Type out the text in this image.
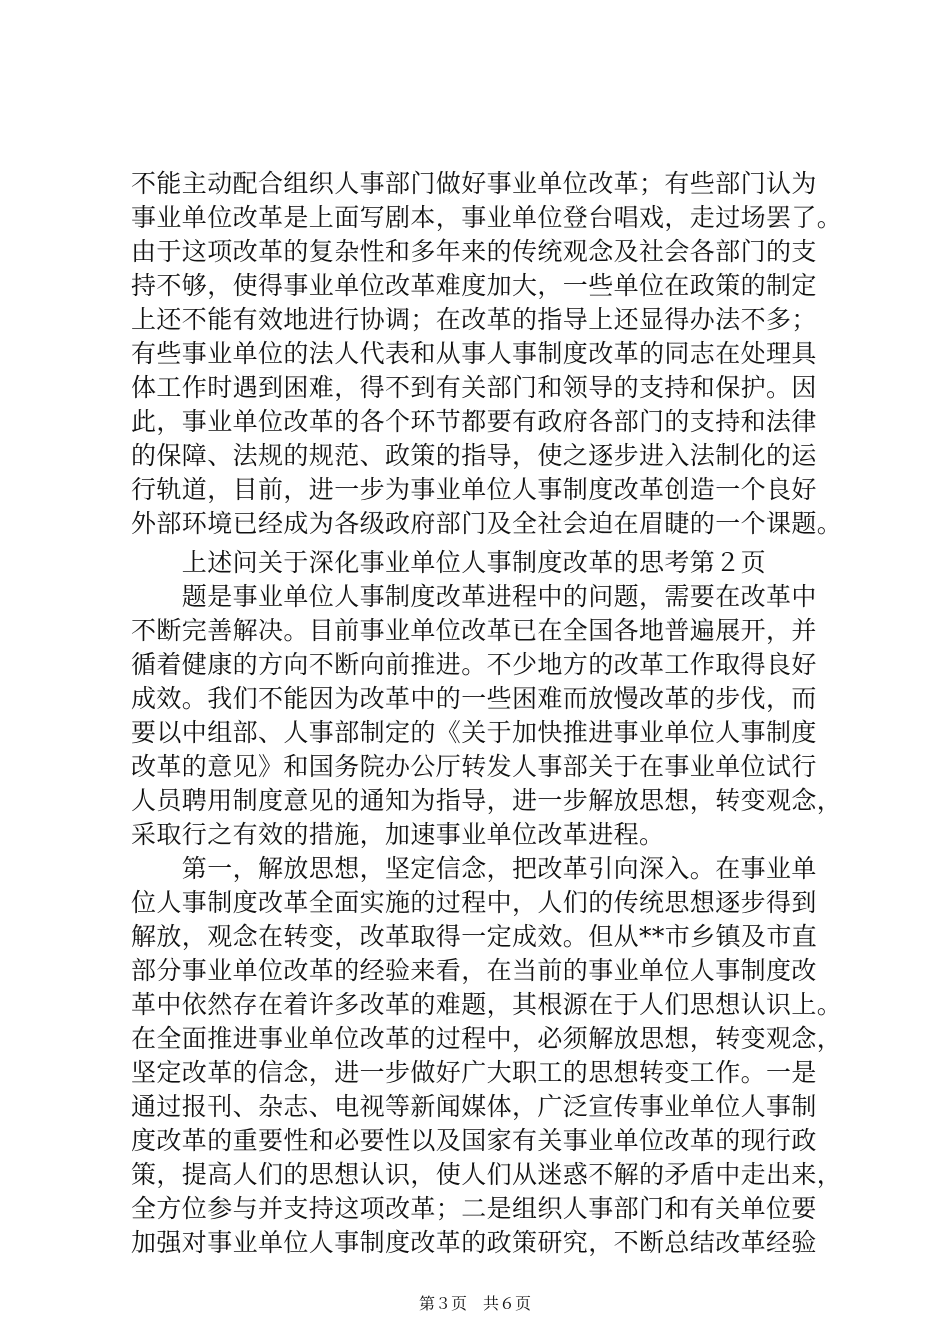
不能主动配合组织人事部门做好事业单位改革；有些部门认为
事业单位改革是上面写剧本，事业单位登台唱戏，走过场罢了。
由于这项改革的复杂性和多年来的传统观念及社会各部门的支
持不够，使得事业单位改革难度加大，一些单位在政策的制定
上还不能有效地进行协调；在改革的指导上还显得办法不多；
有些事业单位的法人代表和从事人事制度改革的同志在处理具
体工作时遇到困难，得不到有关部门和领导的支持和保护。因
此，事业单位改革的各个环节都要有政府各部门的支持和法律
的保障、法规的规范、政策的指导，使之逐步进入法制化的运
行轨道，目前，进一步为事业单位人事制度改革创造一个良好
外部环境已经成为各级政府部门及全社会迫在眉睫的一个课题。
　　上述问关于深化事业单位人事制度改革的思考第２页
　　题是事业单位人事制度改革进程中的问题，需要在改革中
不断完善解决。目前事业单位改革已在全国各地普遍展开，并
循着健康的方向不断向前推进。不少地方的改革工作取得良好
成效。我们不能因为改革中的一些困难而放慢改革的步伐，而
要以中组部、人事部制定的《关于加快推进事业单位人事制度
改革的意见》和国务院办公厅转发人事部关于在事业单位试行
人员聘用制度意见的通知为指导，进一步解放思想，转变观念，
采取行之有效的措施，加速事业单位改革进程。
　　第一，解放思想，坚定信念，把改革引向深入。在事业单
位人事制度改革全面实施的过程中，人们的传统思想逐步得到
解放，观念在转变，改革取得一定成效。但从**市乡镇及市直
部分事业单位改革的经验来看，在当前的事业单位人事制度改
革中依然存在着许多改革的难题，其根源在于人们思想认识上。
在全面推进事业单位改革的过程中，必须解放思想，转变观念，
坚定改革的信念，进一步做好广大职工的思想转变工作。一是
通过报刊、杂志、电视等新闻媒体，广泛宣传事业单位人事制
度改革的重要性和必要性以及国家有关事业单位改革的现行政
策，提高人们的思想认识，使人们从迷惑不解的矛盾中走出来，
全方位参与并支持这项改革；二是组织人事部门和有关单位要
加强对事业单位人事制度改革的政策研究，不断总结改革经验
第３页　共６页
